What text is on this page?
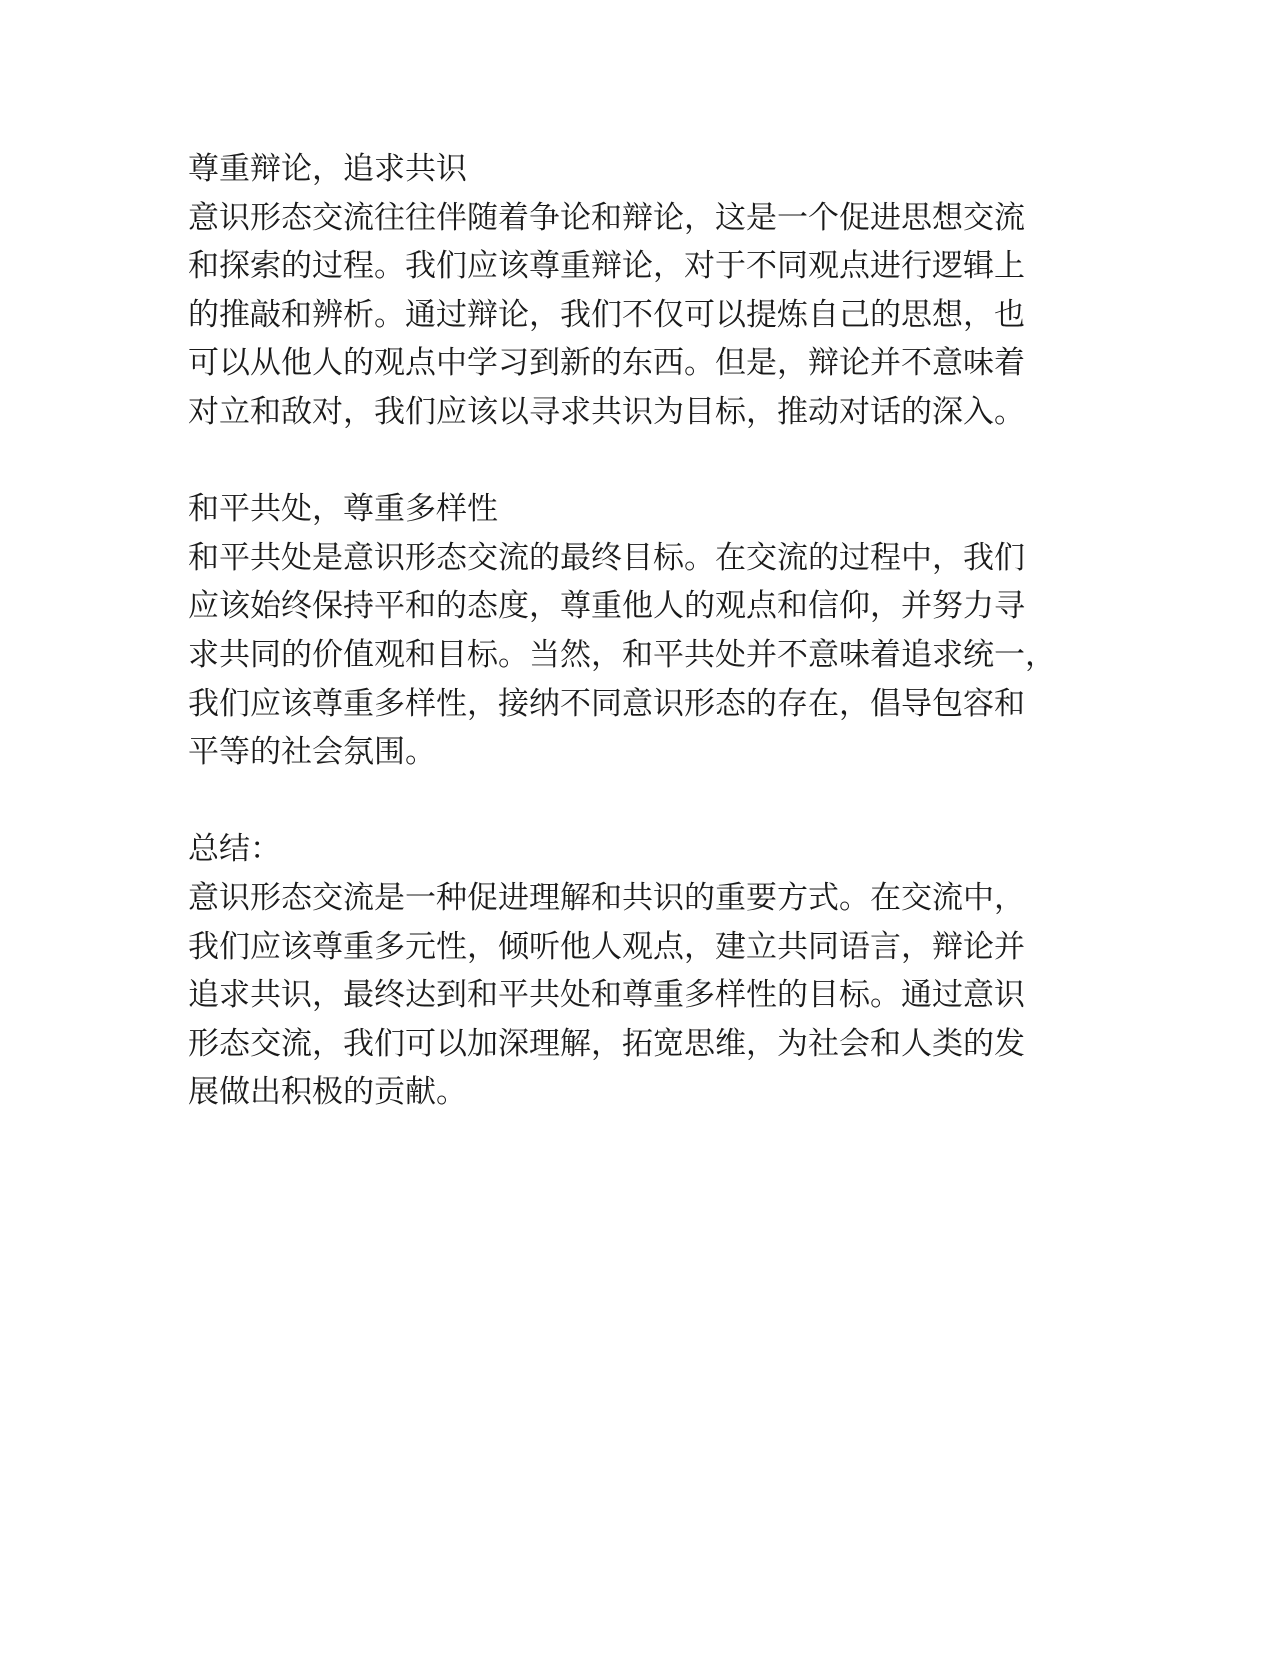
尊重辩论，追求共识
意识形态交流往往伴随着争论和辩论，这是一个促进思想交流
和探索的过程。我们应该尊重辩论，对于不同观点进行逻辑上
的推敲和辨析。通过辩论，我们不仅可以提炼自己的思想，也
可以从他人的观点中学习到新的东西。但是，辩论并不意味着
对立和敌对，我们应该以寻求共识为目标，推动对话的深入。
和平共处，尊重多样性
和平共处是意识形态交流的最终目标。在交流的过程中，我们
应该始终保持平和的态度，尊重他人的观点和信仰，并努力寻
求共同的价值观和目标。当然，和平共处并不意味着追求统一，
我们应该尊重多样性，接纳不同意识形态的存在，倡导包容和
平等的社会氛围。
总结：
意识形态交流是一种促进理解和共识的重要方式。在交流中，
我们应该尊重多元性，倾听他人观点，建立共同语言，辩论并
追求共识，最终达到和平共处和尊重多样性的目标。通过意识
形态交流，我们可以加深理解，拓宽思维，为社会和人类的发
展做出积极的贡献。
